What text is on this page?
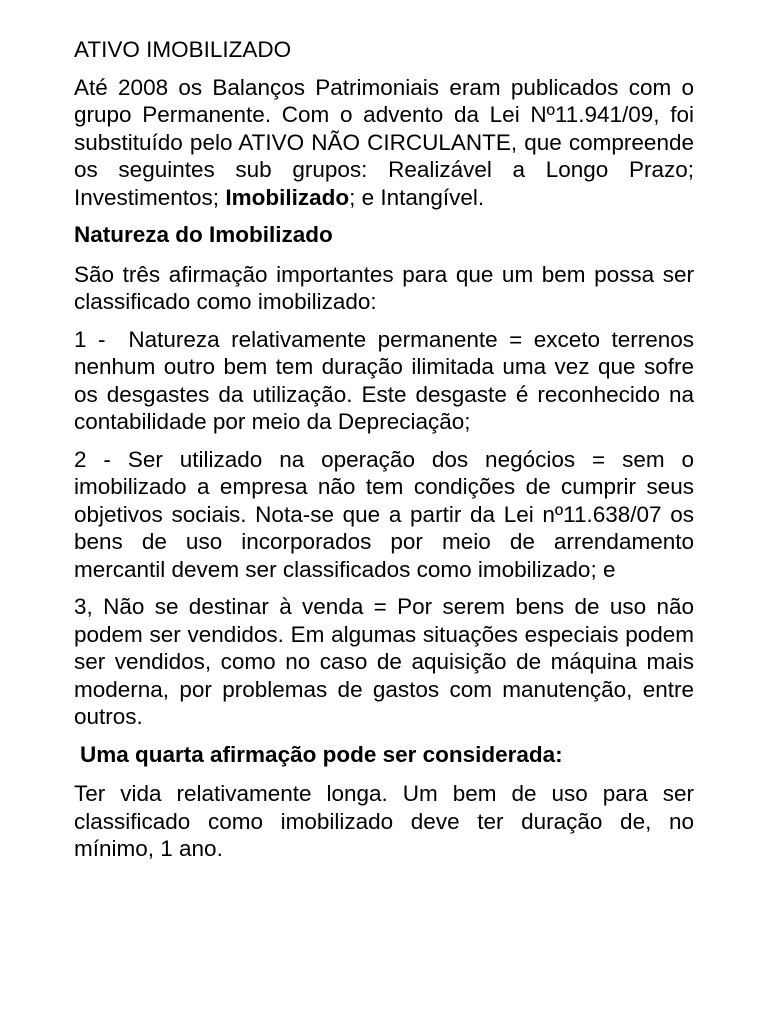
ATIVO IMOBILIZADO

Até 2008 os Balanços Patrimoniais eram publicados com o grupo Permanente. Com o advento da Lei Nº11.941/09, foi substituído pelo ATIVO NÃO CIRCULANTE, que compreende os seguintes sub grupos: Realizável a Longo Prazo; Investimentos; Imobilizado; e Intangível.

Natureza do Imobilizado

São três afirmação importantes para que um bem possa ser classificado como imobilizado:

1 -  Natureza relativamente permanente = exceto terrenos nenhum outro bem tem duração ilimitada uma vez que sofre os desgastes da utilização. Este desgaste é reconhecido na contabilidade por meio da Depreciação;

2 - Ser utilizado na operação dos negócios = sem o imobilizado a empresa não tem condições de cumprir seus objetivos sociais. Nota-se que a partir da Lei nº11.638/07 os bens de uso incorporados por meio de arrendamento  mercantil devem ser classificados como imobilizado; e

3, Não se destinar à venda = Por serem bens de uso não podem ser vendidos. Em algumas situações especiais podem ser vendidos, como no caso de aquisição de máquina mais moderna, por problemas de gastos com manutenção, entre outros.

Uma quarta afirmação pode ser considerada:

Ter vida relativamente longa. Um bem de uso para ser classificado como imobilizado deve ter duração de, no mínimo, 1 ano.
